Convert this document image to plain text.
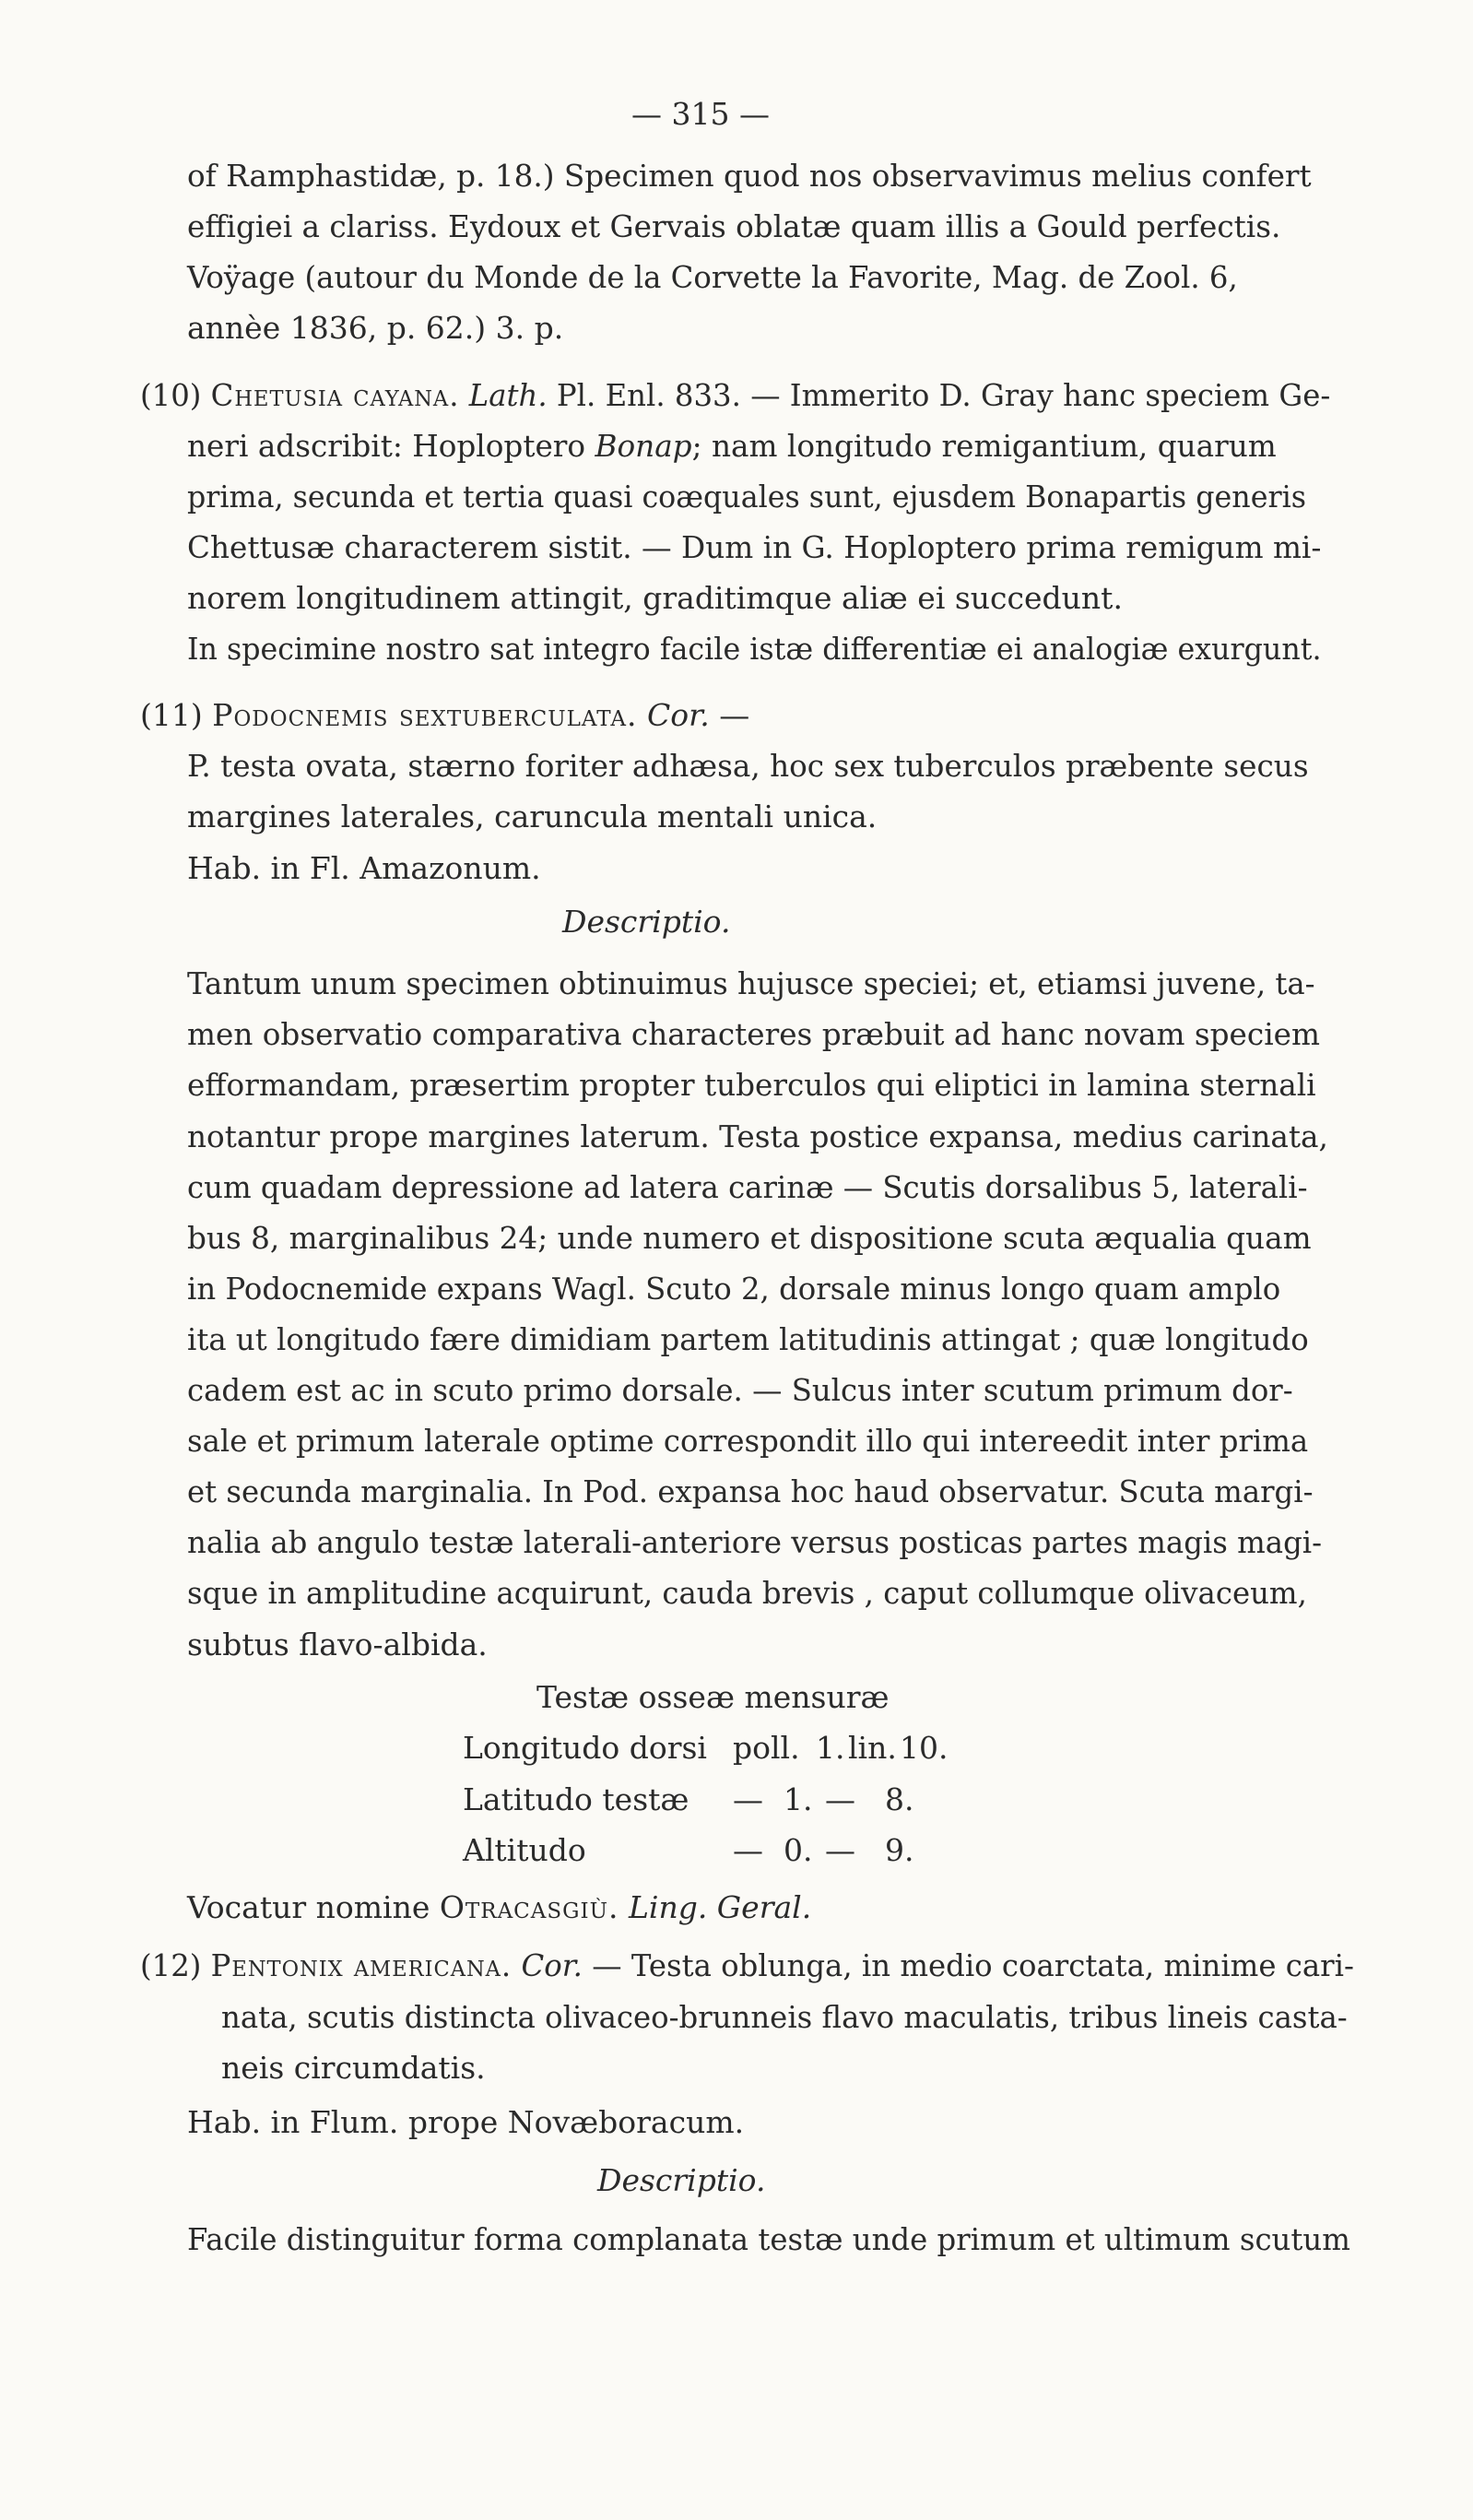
— 315 —
of Ramphastidæ, p. 18.) Specimen quod nos observavimus melius confert
effigiei a clariss. Eydoux et Gervais oblatæ quam illis a Gould perfectis.
Voÿage (autour du Monde de la Corvette la Favorite, Mag. de Zool. 6,
annèe 1836, p. 62.) 3. p.
(10) Chetusia cayana. Lath. Pl. Enl. 833. — Immerito D. Gray hanc speciem Ge-
neri adscribit: Hoploptero Bonap; nam longitudo remigantium, quarum
prima, secunda et tertia quasi coæquales sunt, ejusdem Bonapartis generis
Chettusæ characterem sistit. — Dum in G. Hoploptero prima remigum mi-
norem longitudinem attingit, graditimque aliæ ei succedunt.
In specimine nostro sat integro facile istæ differentiæ ei analogiæ exurgunt.
(11) Podocnemis sextuberculata. Cor. —
P. testa ovata, stærno foriter adhæsa, hoc sex tuberculos præbente secus
margines laterales, caruncula mentali unica.
Hab. in Fl. Amazonum.
Descriptio.
Tantum unum specimen obtinuimus hujusce speciei; et, etiamsi juvene, ta-
men observatio comparativa characteres præbuit ad hanc novam speciem
efformandam, præsertim propter tuberculos qui eliptici in lamina sternali
notantur prope margines laterum. Testa postice expansa, medius carinata,
cum quadam depressione ad latera carinæ — Scutis dorsalibus 5, laterali-
bus 8, marginalibus 24; unde numero et dispositione scuta æqualia quam
in Podocnemide expans Wagl. Scuto 2, dorsale minus longo quam amplo
ita ut longitudo fære dimidiam partem latitudinis attingat ; quæ longitudo
cadem est ac in scuto primo dorsale. — Sulcus inter scutum primum dor-
sale et primum laterale optime correspondit illo qui intereedit inter prima
et secunda marginalia. In Pod. expansa hoc haud observatur. Scuta margi-
nalia ab angulo testæ laterali-anteriore versus posticas partes magis magi-
sque in amplitudine acquirunt, cauda brevis , caput collumque olivaceum,
subtus flavo-albida.
Testæ osseæ mensuræ
Longitudo dorsi poll. 1. lin. 10.
Latitudo testæ — 1. — 8.
Altitudo	— 0. — 9.
Vocatur nomine Otracasgiù. Ling. Geral.
(12) Pentonix americana. Cor. — Testa oblunga, in medio coarctata, minime cari-
nata, scutis distincta olivaceo-brunneis flavo maculatis, tribus lineis casta-
neis circumdatis.
Hab. in Flum. prope Novæboracum.
Descriptio.
Facile distinguitur forma complanata testæ unde primum et ultimum scutum
